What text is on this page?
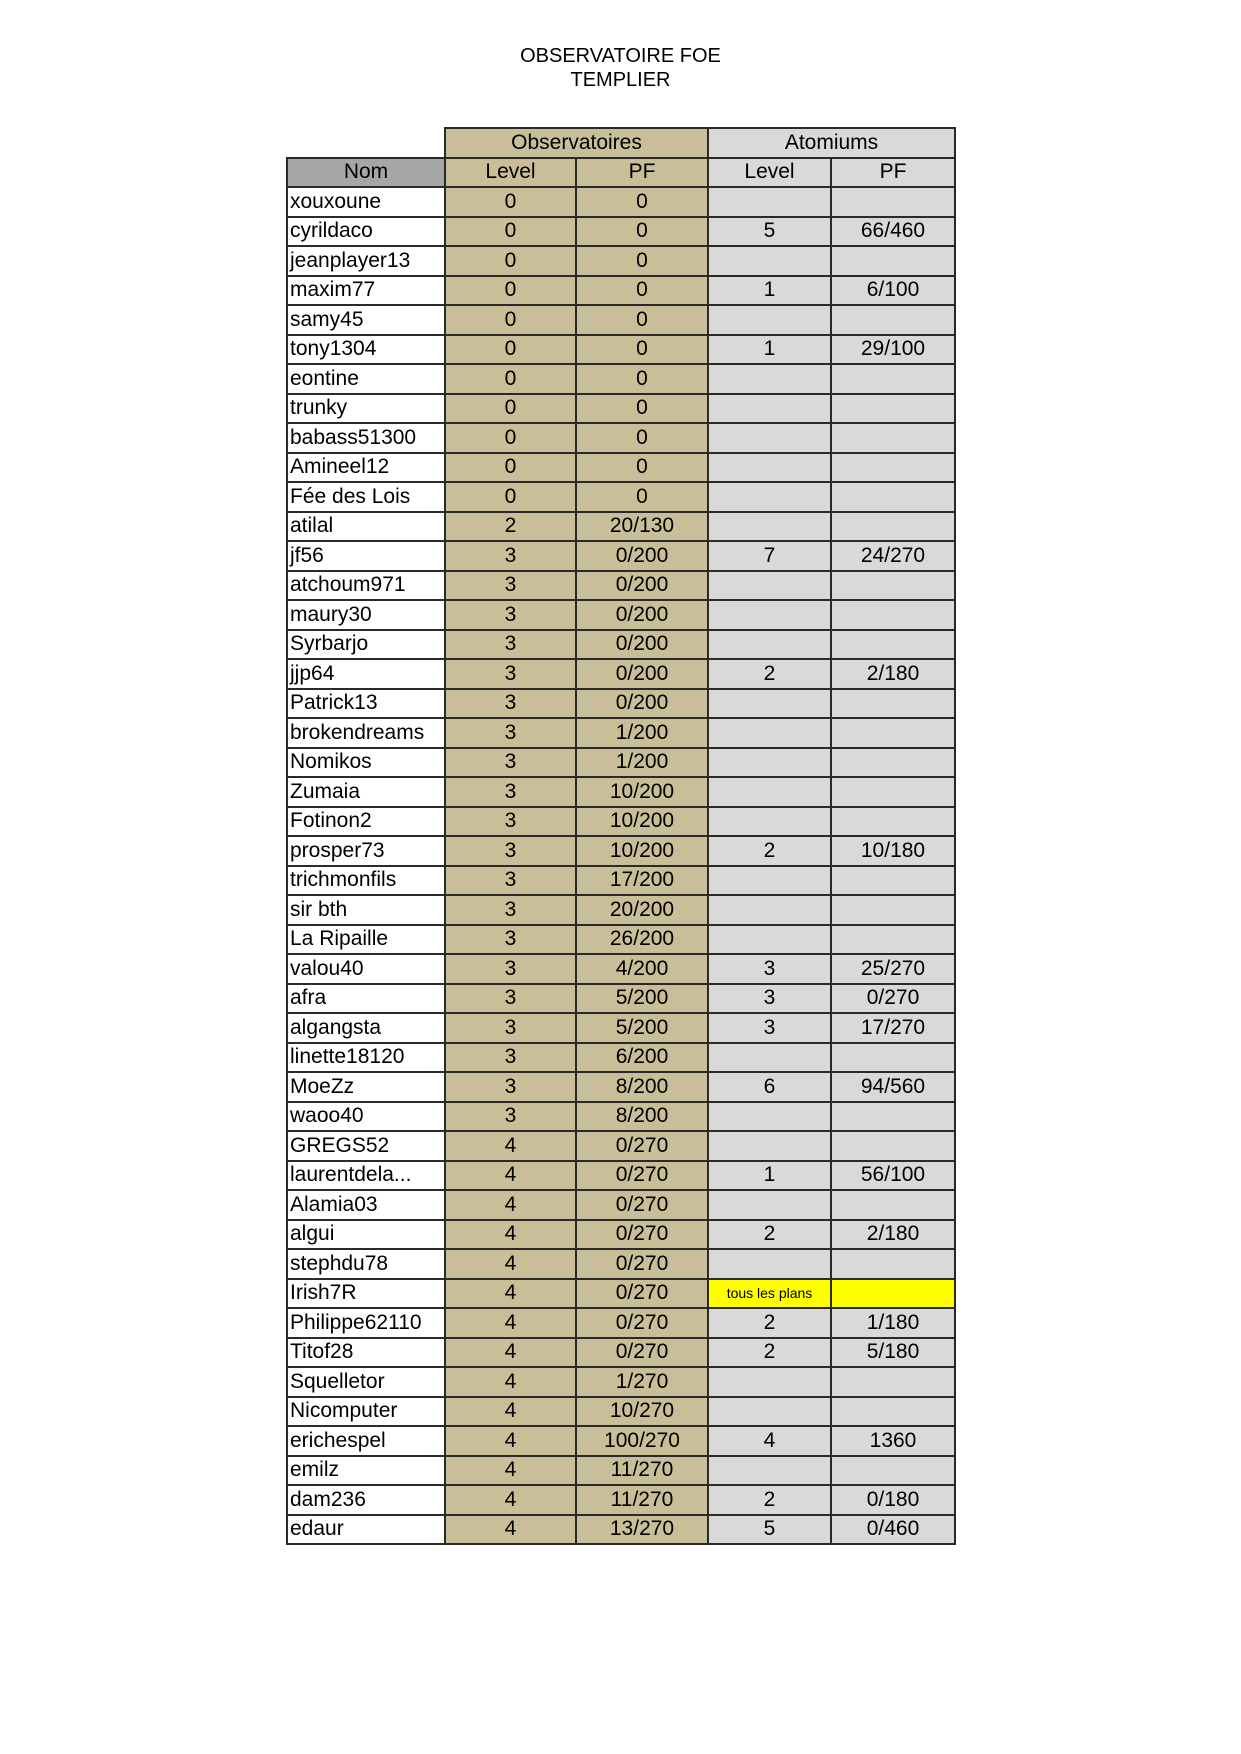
OBSERVATOIRE FOE
TEMPLIER
	Observatoires		Atomiums	
Nom	Level	PF	Level	PF
xouxoune	0	0		
cyrildaco	0	0	5	66/460
jeanplayer13	0	0		
maxim77	0	0	1	6/100
samy45	0	0		
tony1304	0	0	1	29/100
eontine	0	0		
trunky	0	0		
babass51300	0	0		
Amineel12	0	0		
Fée des Lois	0	0		
atilal	2	20/130		
jf56	3	0/200	7	24/270
atchoum971	3	0/200		
maury30	3	0/200		
Syrbarjo	3	0/200		
jjp64	3	0/200	2	2/180
Patrick13	3	0/200		
brokendreams	3	1/200		
Nomikos	3	1/200		
Zumaia	3	10/200		
Fotinon2	3	10/200		
prosper73	3	10/200	2	10/180
trichmonfils	3	17/200		
sir bth	3	20/200		
La Ripaille	3	26/200		
valou40	3	4/200	3	25/270
afra	3	5/200	3	0/270
algangsta	3	5/200	3	17/270
linette18120	3	6/200		
MoeZz	3	8/200	6	94/560
waoo40	3	8/200		
GREGS52	4	0/270		
laurentdela...	4	0/270	1	56/100
Alamia03	4	0/270		
algui	4	0/270	2	2/180
stephdu78	4	0/270		
Irish7R	4	0/270	tous les plans	
Philippe62110	4	0/270	2	1/180
Titof28	4	0/270	2	5/180
Squelletor	4	1/270		
Nicomputer	4	10/270		
erichespel	4	100/270	4	1360
emilz	4	11/270		
dam236	4	11/270	2	0/180
edaur	4	13/270	5	0/460
